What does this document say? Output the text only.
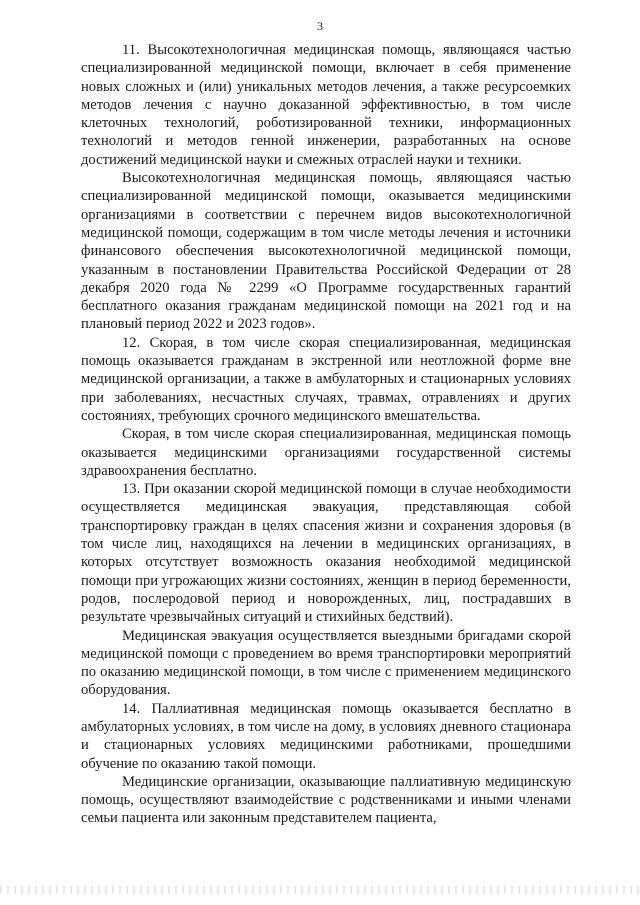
3

11. Высокотехнологичная медицинская помощь, являющаяся частью специализированной медицинской помощи, включает в себя применение новых сложных и (или) уникальных методов лечения, а также ресурсоемких методов лечения с научно доказанной эффективностью, в том числе клеточных технологий, роботизированной техники, информационных технологий и методов генной инженерии, разработанных на основе достижений медицинской науки и смежных отраслей науки и техники.

Высокотехнологичная медицинская помощь, являющаяся частью специализированной медицинской помощи, оказывается медицинскими организациями в соответствии с перечнем видов высокотехнологичной медицинской помощи, содержащим в том числе методы лечения и источники финансового обеспечения высокотехнологичной медицинской помощи, указанным в постановлении Правительства Российской Федерации от 28 декабря 2020 года № 2299 «О Программе государственных гарантий бесплатного оказания гражданам медицинской помощи на 2021 год и на плановый период 2022 и 2023 годов».

12. Скорая, в том числе скорая специализированная, медицинская помощь оказывается гражданам в экстренной или неотложной форме вне медицинской организации, а также в амбулаторных и стационарных условиях при заболеваниях, несчастных случаях, травмах, отравлениях и других состояниях, требующих срочного медицинского вмешательства.

Скорая, в том числе скорая специализированная, медицинская помощь оказывается медицинскими организациями государственной системы здравоохранения бесплатно.

13. При оказании скорой медицинской помощи в случае необходимости осуществляется медицинская эвакуация, представляющая собой транспортировку граждан в целях спасения жизни и сохранения здоровья (в том числе лиц, находящихся на лечении в медицинских организациях, в которых отсутствует возможность оказания необходимой медицинской помощи при угрожающих жизни состояниях, женщин в период беременности, родов, послеродовой период и новорожденных, лиц, пострадавших в результате чрезвычайных ситуаций и стихийных бедствий).

Медицинская эвакуация осуществляется выездными бригадами скорой медицинской помощи с проведением во время транспортировки мероприятий по оказанию медицинской помощи, в том числе с применением медицинского оборудования.

14. Паллиативная медицинская помощь оказывается бесплатно в амбулаторных условиях, в том числе на дому, в условиях дневного стационара и стационарных условиях медицинскими работниками, прошедшими обучение по оказанию такой помощи.

Медицинские организации, оказывающие паллиативную медицинскую помощь, осуществляют взаимодействие с родственниками и иными членами семьи пациента или законным представителем пациента,
